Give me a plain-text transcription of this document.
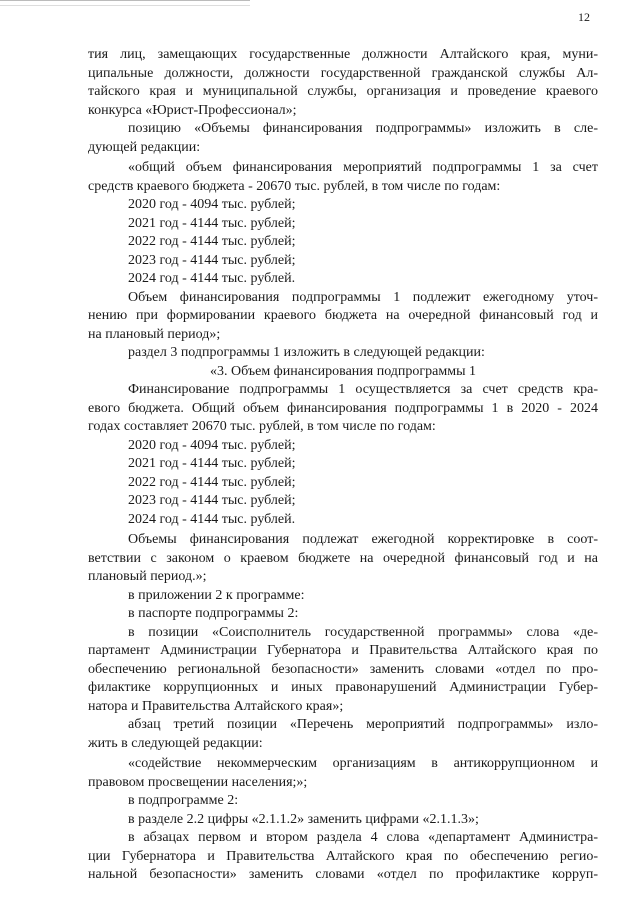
12

тия лиц, замещающих государственные должности Алтайского края, муни-

ципальные должности, должности государственной гражданской службы Ал-

тайского края и муниципальной службы, организация и проведение краевого

конкурса «Юрист-Профессионал»;

позицию «Объемы финансирования подпрограммы» изложить в сле-

дующей редакции:

«общий объем финансирования мероприятий подпрограммы 1 за счет

средств краевого бюджета - 20670 тыс. рублей, в том числе по годам:

2020 год - 4094 тыс. рублей;

2021 год - 4144 тыс. рублей;

2022 год - 4144 тыс. рублей;

2023 год - 4144 тыс. рублей;

2024 год - 4144 тыс. рублей.

Объем финансирования подпрограммы 1 подлежит ежегодному уточ-

нению при формировании краевого бюджета на очередной финансовый год и

на плановый период»;

раздел 3 подпрограммы 1 изложить в следующей редакции:

«3. Объем финансирования подпрограммы 1

Финансирование подпрограммы 1 осуществляется за счет средств кра-

евого бюджета. Общий объем финансирования подпрограммы 1 в 2020 - 2024

годах составляет 20670 тыс. рублей, в том числе по годам:

2020 год - 4094 тыс. рублей;

2021 год - 4144 тыс. рублей;

2022 год - 4144 тыс. рублей;

2023 год - 4144 тыс. рублей;

2024 год - 4144 тыс. рублей.

Объемы финансирования подлежат ежегодной корректировке в соот-

ветствии с законом о краевом бюджете на очередной финансовый год и на

плановый период.»;

в приложении 2 к программе:

в паспорте подпрограммы 2:

в позиции «Соисполнитель государственной программы» слова «де-

партамент Администрации Губернатора и Правительства Алтайского края по

обеспечению региональной безопасности» заменить словами «отдел по про-

филактике коррупционных и иных правонарушений Администрации Губер-

натора и Правительства Алтайского края»;

абзац третий позиции «Перечень мероприятий подпрограммы» изло-

жить в следующей редакции:

«содействие некоммерческим организациям в антикоррупционном и

правовом просвещении населения;»;

в подпрограмме 2:

в разделе 2.2 цифры «2.1.1.2» заменить цифрами «2.1.1.3»;

в абзацах первом и втором раздела 4 слова «департамент Администра-

ции Губернатора и Правительства Алтайского края по обеспечению регио-

нальной безопасности» заменить словами «отдел по профилактике корруп-
